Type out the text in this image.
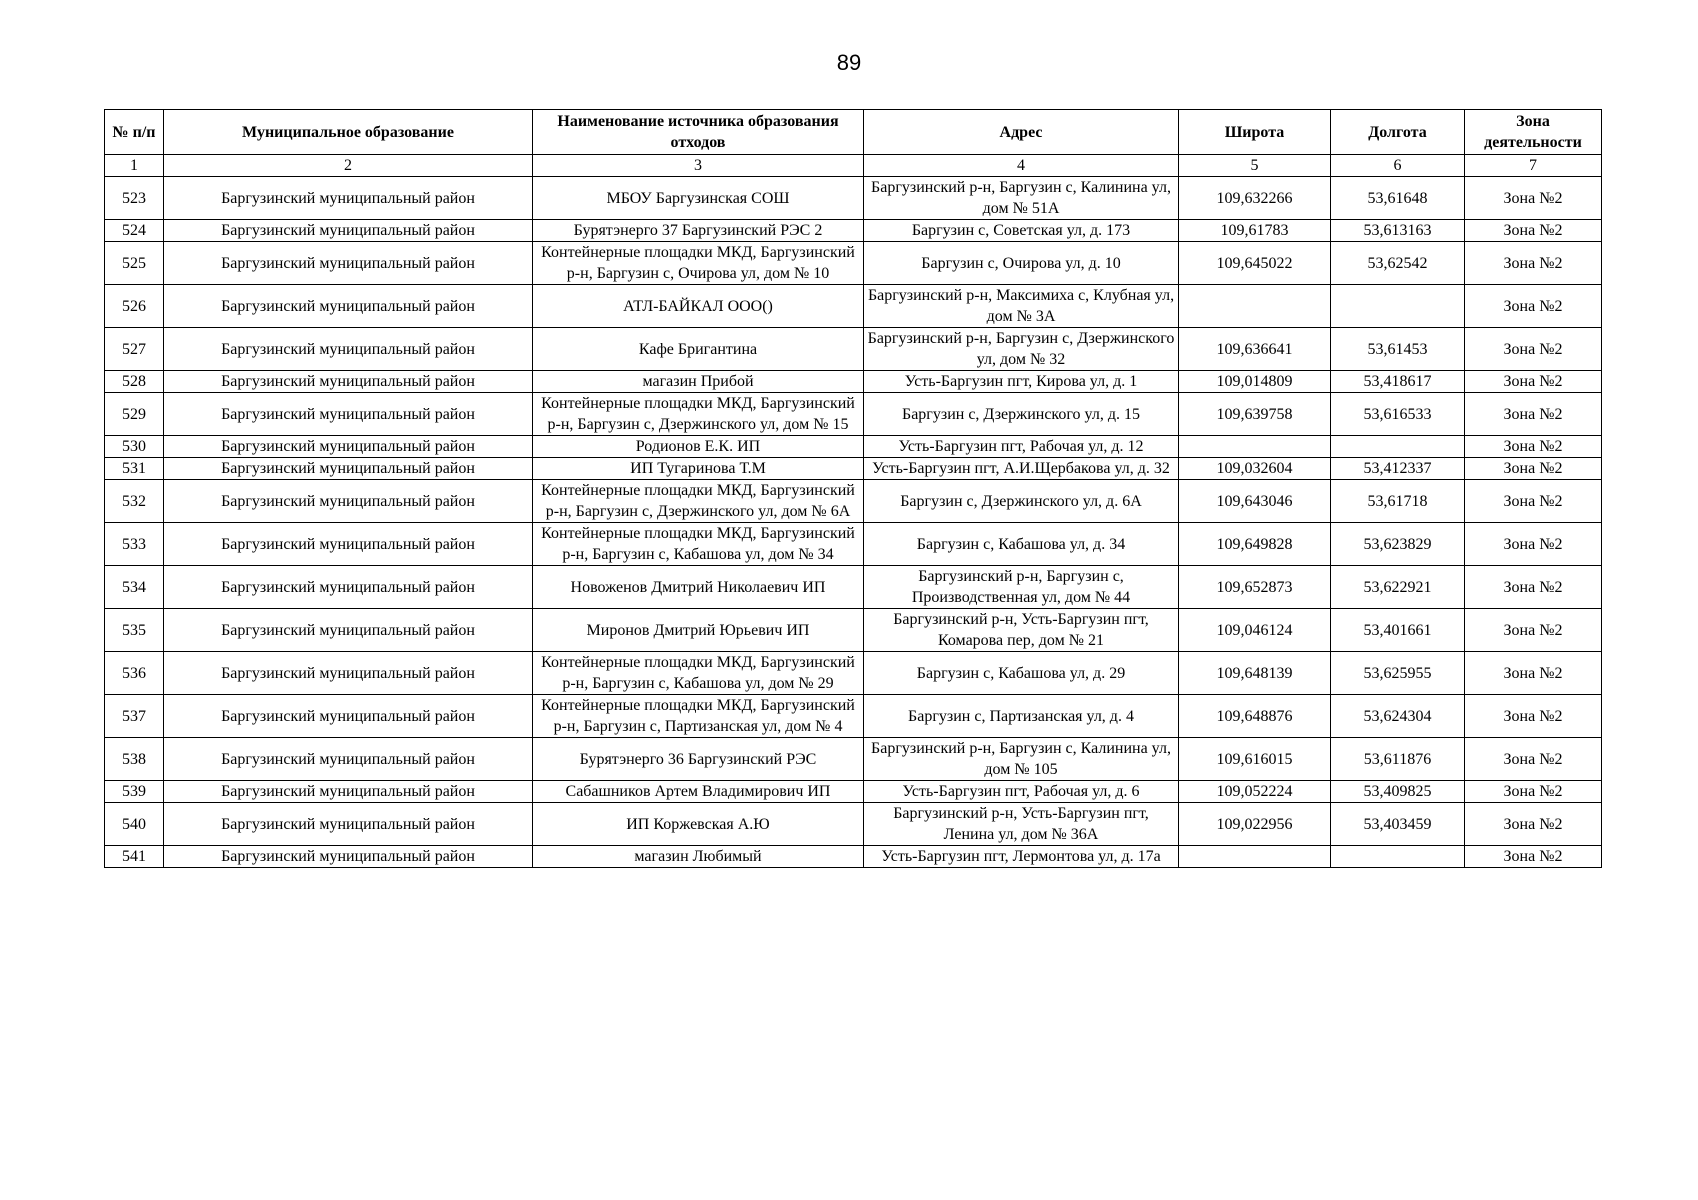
89
№ п/п	Муниципальное образование	Наименование источника образования отходов	Адрес	Широта	Долгота	Зона деятельности
1	2	3	4	5	6	7
523	Баргузинский муниципальный район	МБОУ Баргузинская СОШ	Баргузинский р-н, Баргузин с, Калинина ул, дом № 51А	109,632266	53,61648	Зона №2
524	Баргузинский муниципальный район	Бурятэнерго 37 Баргузинский РЭС 2	Баргузин с, Советская ул, д. 173	109,61783	53,613163	Зона №2
525	Баргузинский муниципальный район	Контейнерные площадки МКД, Баргузинский р-н, Баргузин с, Очирова ул, дом № 10	Баргузин с, Очирова ул, д. 10	109,645022	53,62542	Зона №2
526	Баргузинский муниципальный район	АТЛ-БАЙКАЛ ООО()	Баргузинский р-н, Максимиха с, Клубная ул, дом № 3А			Зона №2
527	Баргузинский муниципальный район	Кафе Бригантина	Баргузинский р-н, Баргузин с, Дзержинского ул, дом № 32	109,636641	53,61453	Зона №2
528	Баргузинский муниципальный район	магазин Прибой	Усть-Баргузин пгт, Кирова ул, д. 1	109,014809	53,418617	Зона №2
529	Баргузинский муниципальный район	Контейнерные площадки МКД, Баргузинский р-н, Баргузин с, Дзержинского ул, дом № 15	Баргузин с, Дзержинского ул, д. 15	109,639758	53,616533	Зона №2
530	Баргузинский муниципальный район	Родионов Е.К. ИП	Усть-Баргузин пгт, Рабочая ул, д. 12			Зона №2
531	Баргузинский муниципальный район	ИП Тугаринова Т.М	Усть-Баргузин пгт, А.И.Щербакова ул, д. 32	109,032604	53,412337	Зона №2
532	Баргузинский муниципальный район	Контейнерные площадки МКД, Баргузинский р-н, Баргузин с, Дзержинского ул, дом № 6А	Баргузин с, Дзержинского ул, д. 6А	109,643046	53,61718	Зона №2
533	Баргузинский муниципальный район	Контейнерные площадки МКД, Баргузинский р-н, Баргузин с, Кабашова ул, дом № 34	Баргузин с, Кабашова ул, д. 34	109,649828	53,623829	Зона №2
534	Баргузинский муниципальный район	Новоженов Дмитрий Николаевич ИП	Баргузинский р-н, Баргузин с, Производственная ул, дом № 44	109,652873	53,622921	Зона №2
535	Баргузинский муниципальный район	Миронов Дмитрий Юрьевич ИП	Баргузинский р-н, Усть-Баргузин пгт, Комарова пер, дом № 21	109,046124	53,401661	Зона №2
536	Баргузинский муниципальный район	Контейнерные площадки МКД, Баргузинский р-н, Баргузин с, Кабашова ул, дом № 29	Баргузин с, Кабашова ул, д. 29	109,648139	53,625955	Зона №2
537	Баргузинский муниципальный район	Контейнерные площадки МКД, Баргузинский р-н, Баргузин с, Партизанская ул, дом № 4	Баргузин с, Партизанская ул, д. 4	109,648876	53,624304	Зона №2
538	Баргузинский муниципальный район	Бурятэнерго 36 Баргузинский РЭС	Баргузинский р-н, Баргузин с, Калинина ул, дом № 105	109,616015	53,611876	Зона №2
539	Баргузинский муниципальный район	Сабашников Артем Владимирович ИП	Усть-Баргузин пгт, Рабочая ул, д. 6	109,052224	53,409825	Зона №2
540	Баргузинский муниципальный район	ИП Коржевская А.Ю	Баргузинский р-н, Усть-Баргузин пгт, Ленина ул, дом № 36А	109,022956	53,403459	Зона №2
541	Баргузинский муниципальный район	магазин Любимый	Усть-Баргузин пгт, Лермонтова ул, д. 17а			Зона №2
